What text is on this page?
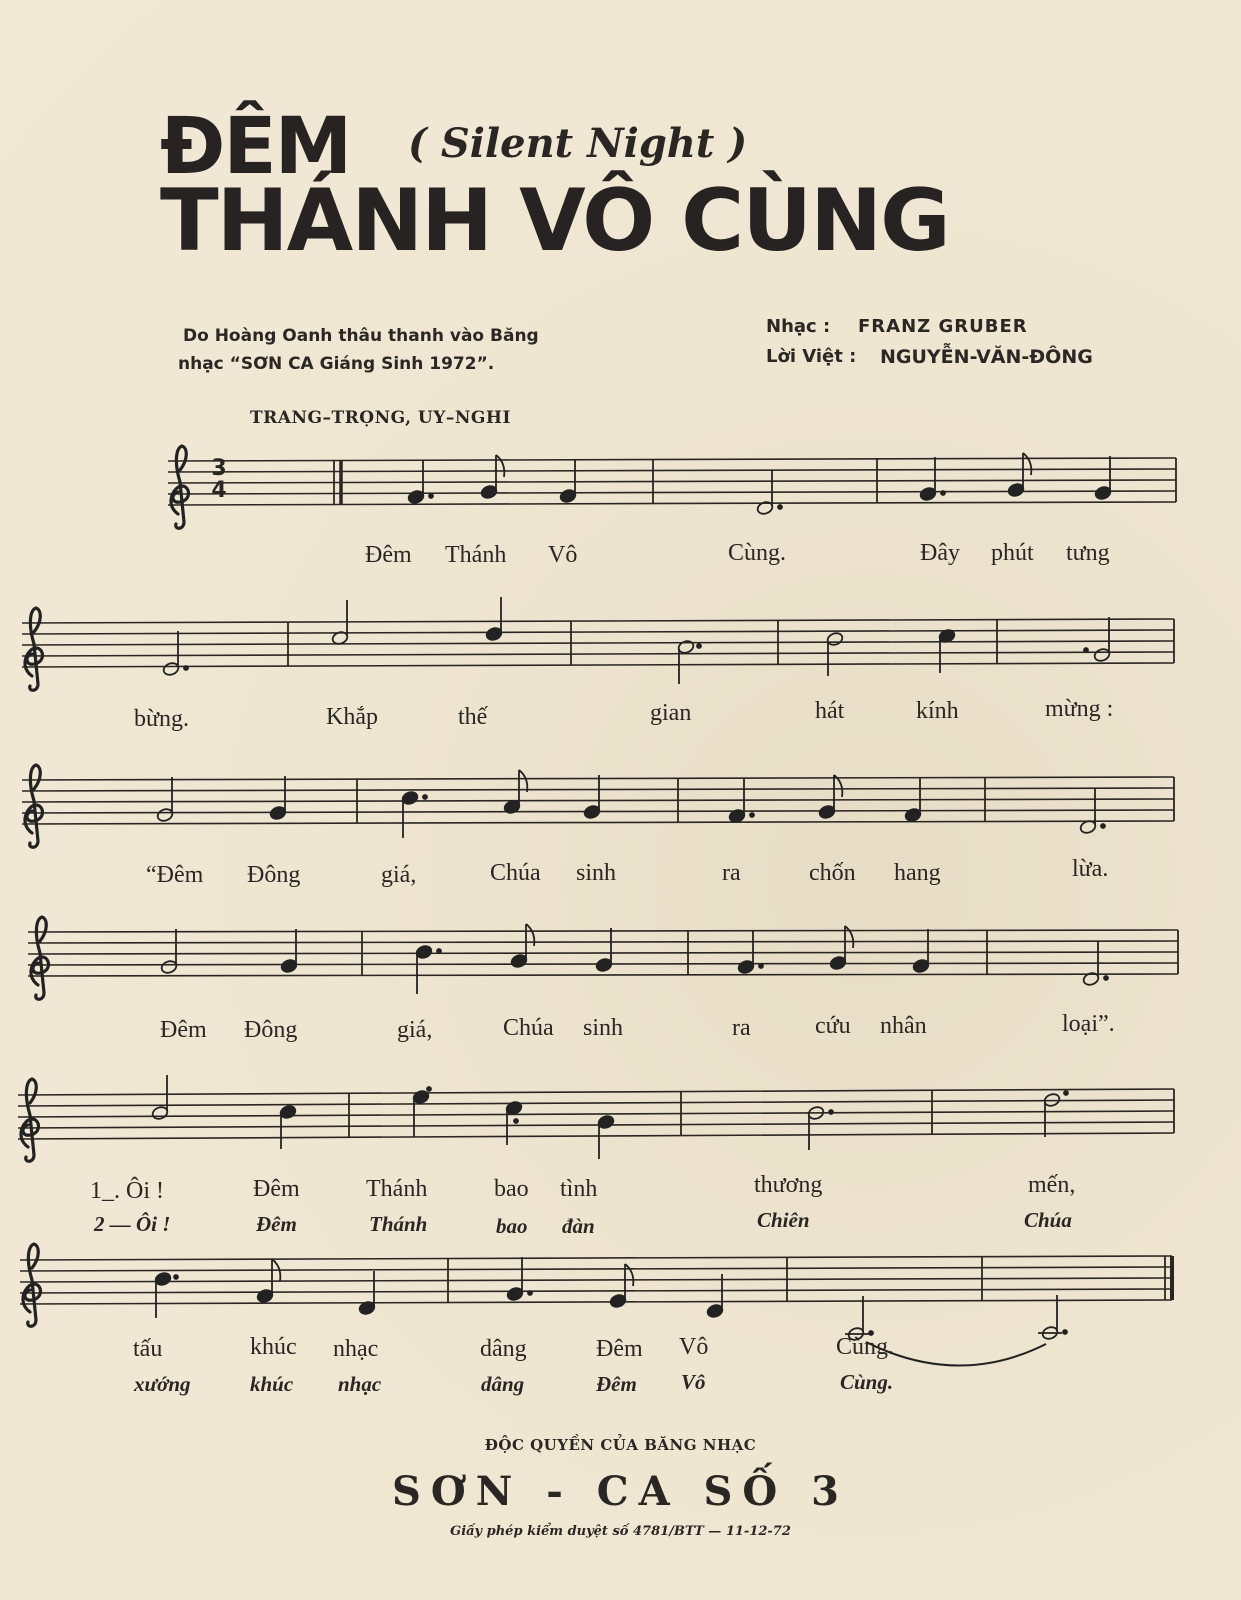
ĐÊM ( Silent Night )
THÁNH VÔ CÙNG
Do Hoàng Oanh thâu thanh vào Băng
nhạc “SƠN CA Giáng Sinh 1972”.
Nhạc : FRANZ GRUBER
Lời Việt : NGUYỄN-VĂN-ĐÔNG
TRANG–TRỌNG, UY–NGHI
3
4
Đêm Thánh Vô	Cùng.	Đây phút tưng
bừng.	Khắp	thế	gian	hát	kính	mừng :
“Đêm Đông	giá,	Chúa sinh	ra	chốn hang	lừa.
Đêm Đông	giá,	Chúa sinh	ra	cứu nhân	loại”.
1_. Ôi !	Đêm	Thánh	bao tình	thương	mến,
2 — Ôi !	Đêm	Thánh	bao đàn	Chiên	Chúa
tấu	khúc nhạc	dâng	Đêm Vô	Cùng.
xướng	khúc nhạc	dâng	Đêm Vô	Cùng.
ĐỘC QUYỀN CỦA BĂNG NHẠC
SƠN - CA SỐ 3
Giấy phép kiểm duyệt số 4781/BTT — 11-12-72
